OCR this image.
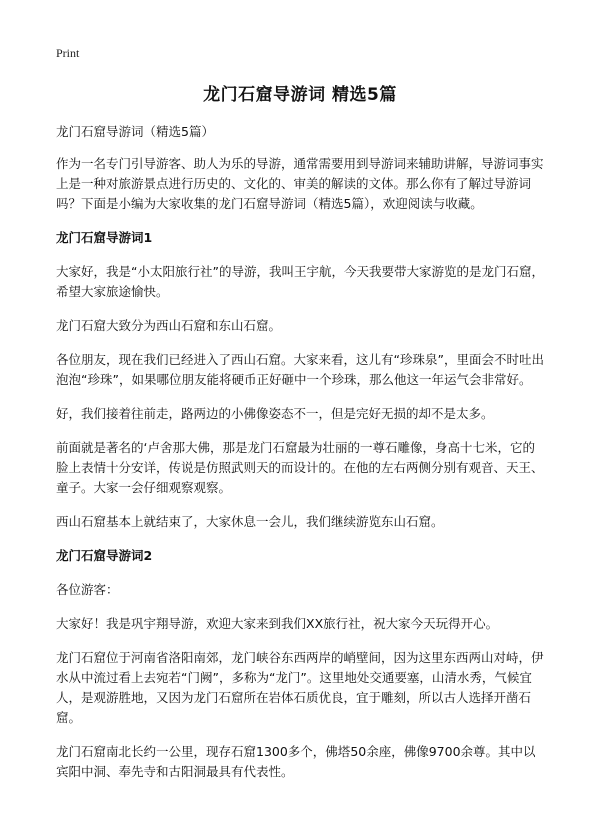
Print
龙门石窟导游词 精选5篇

龙门石窟导游词（精选5篇）

作为一名专门引导游客、助人为乐的导游，通常需要用到导游词来辅助讲解，导游词事实上是一种对旅游景点进行历史的、文化的、审美的解读的文体。那么你有了解过导游词吗？下面是小编为大家收集的龙门石窟导游词（精选5篇），欢迎阅读与收藏。

龙门石窟导游词1

大家好，我是“小太阳旅行社”的导游，我叫王宇航，今天我要带大家游览的是龙门石窟，希望大家旅途愉快。

龙门石窟大致分为西山石窟和东山石窟。

各位朋友，现在我们已经进入了西山石窟。大家来看，这儿有“珍珠泉”，里面会不时吐出泡泡“珍珠”，如果哪位朋友能将硬币正好砸中一个珍珠，那么他这一年运气会非常好。

好，我们接着往前走，路两边的小佛像姿态不一，但是完好无损的却不是太多。

前面就是著名的‘卢舍那大佛，那是龙门石窟最为壮丽的一尊石雕像，身高十七米，它的脸上表情十分安详，传说是仿照武则天的而设计的。在他的左右两侧分别有观音、天王、童子。大家一会仔细观察观察。

西山石窟基本上就结束了，大家休息一会儿，我们继续游览东山石窟。

龙门石窟导游词2

各位游客：

大家好！我是巩宇翔导游，欢迎大家来到我们XX旅行社，祝大家今天玩得开心。

龙门石窟位于河南省洛阳南郊，龙门峡谷东西两岸的峭壁间，因为这里东西两山对峙，伊水从中流过看上去宛若“门阙”，多称为“龙门”。这里地处交通要塞，山清水秀，气候宜人，是观游胜地，又因为龙门石窟所在岩体石质优良，宜于雕刻，所以古人选择开凿石窟。

龙门石窟南北长约一公里，现存石窟1300多个，佛塔50余座，佛像9700余尊。其中以宾阳中洞、奉先寺和古阳洞最具有代表性。
